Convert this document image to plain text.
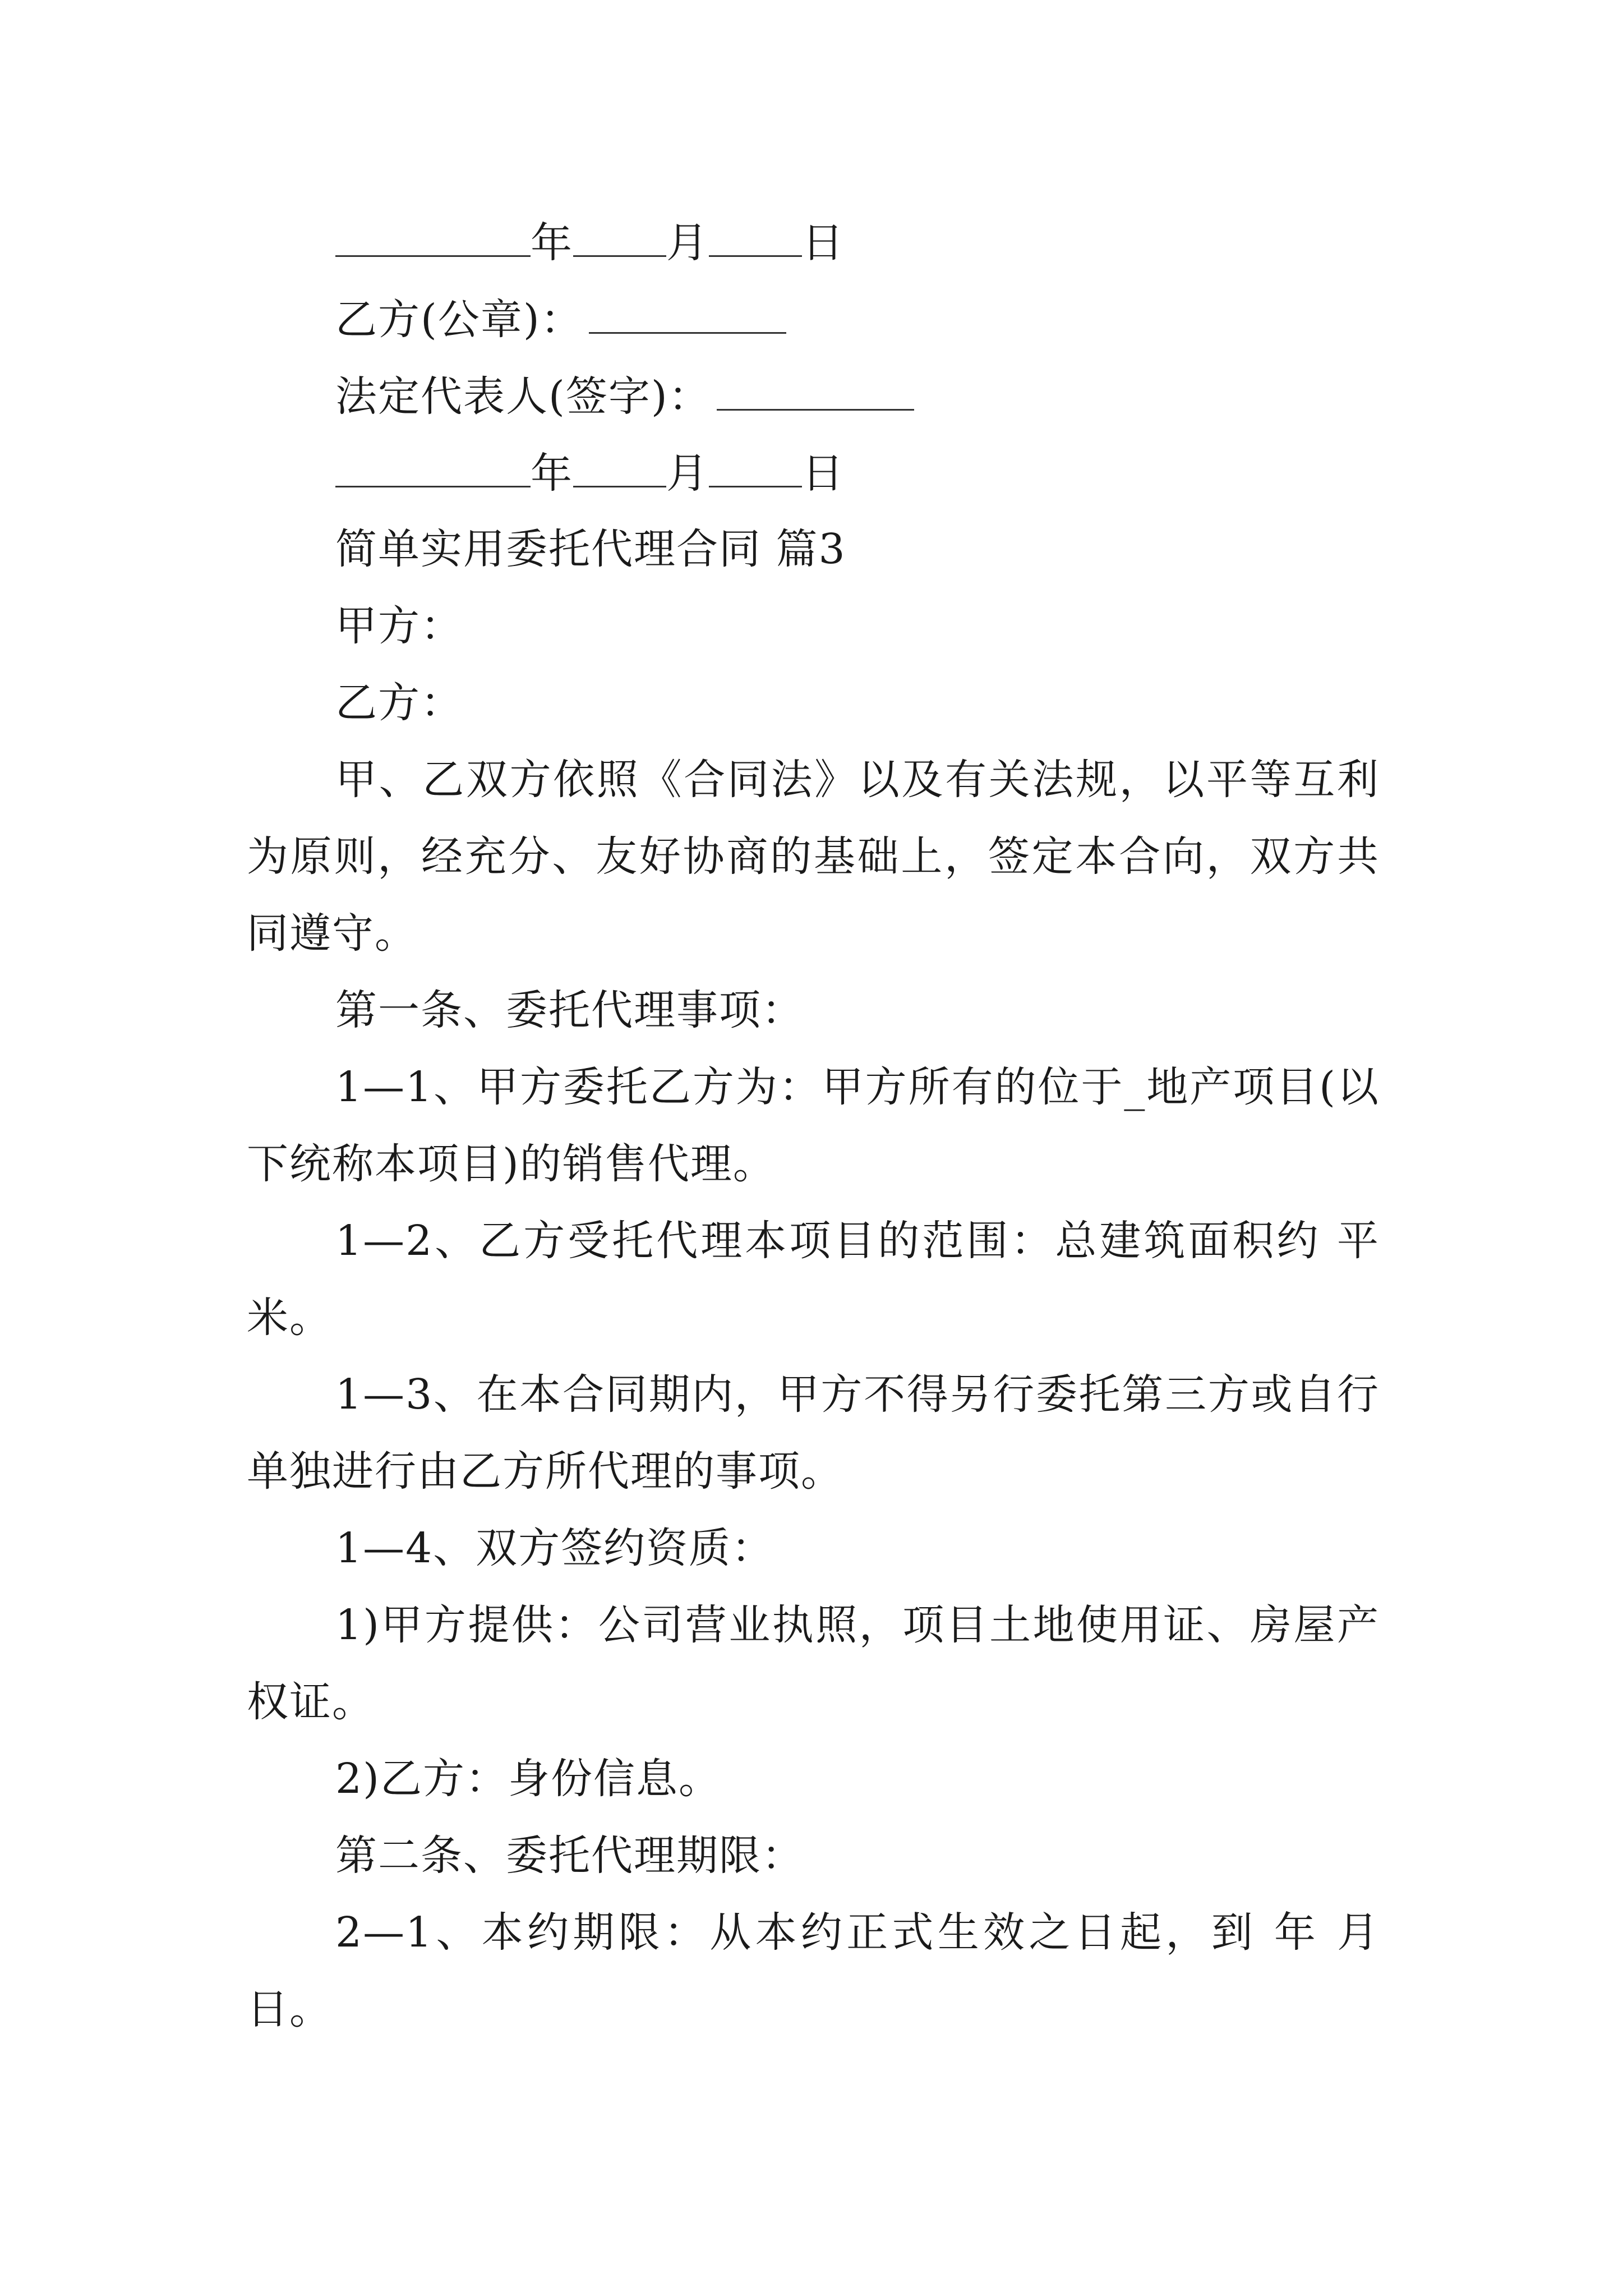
年 月 日
乙方(公章)：
法定代表人(签字)：
年 月 日
简单实用委托代理合同 篇3
甲方：
乙方：
甲、乙双方依照《合同法》以及有关法规，以平等互利
为原则，经充分、友好协商的基础上，签定本合向，双方共
同遵守。
第一条、委托代理事项：
1—1、甲方委托乙方为：甲方所有的位于_地产项目(以
下统称本项目)的销售代理。
1—2、乙方受托代理本项目的范围：总建筑面积约 平
米。
1—3、在本合同期内，甲方不得另行委托第三方或自行
单独进行由乙方所代理的事项。
1—4、双方签约资质：
1)甲方提供：公司营业执照，项目土地使用证、房屋产
权证。
2)乙方：身份信息。
第二条、委托代理期限：
2—1、本约期限：从本约正式生效之日起，到 年 月
日。
